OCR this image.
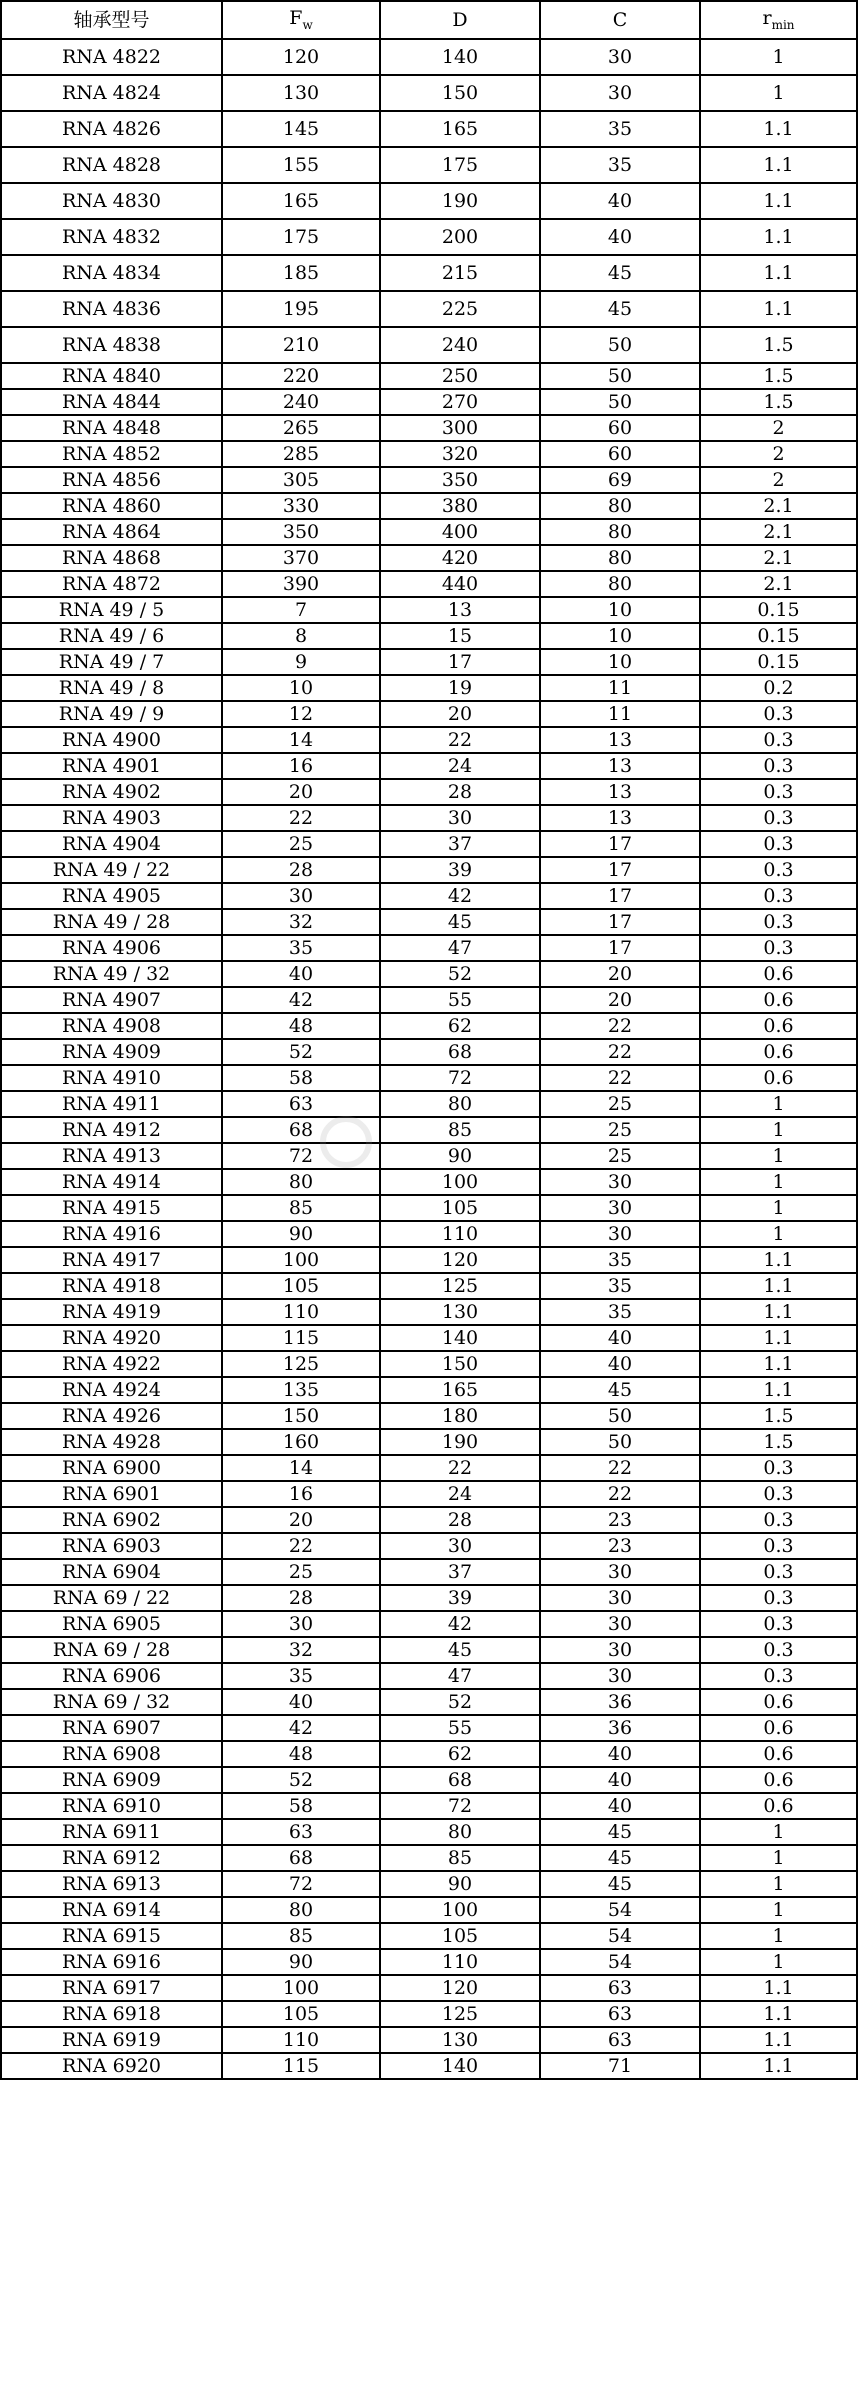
轴承型号	$F_w$	D	C	$r_{min}$
RNA 4822	120	140	30	1
RNA 4824	130	150	30	1
RNA 4826	145	165	35	1.1
RNA 4828	155	175	35	1.1
RNA 4830	165	190	40	1.1
RNA 4832	175	200	40	1.1
RNA 4834	185	215	45	1.1
RNA 4836	195	225	45	1.1
RNA 4838	210	240	50	1.5
RNA 4840	220	250	50	1.5
RNA 4844	240	270	50	1.5
RNA 4848	265	300	60	2
RNA 4852	285	320	60	2
RNA 4856	305	350	69	2
RNA 4860	330	380	80	2.1
RNA 4864	350	400	80	2.1
RNA 4868	370	420	80	2.1
RNA 4872	390	440	80	2.1
RNA 49 / 5	7	13	10	0.15
RNA 49 / 6	8	15	10	0.15
RNA 49 / 7	9	17	10	0.15
RNA 49 / 8	10	19	11	0.2
RNA 49 / 9	12	20	11	0.3
RNA 4900	14	22	13	0.3
RNA 4901	16	24	13	0.3
RNA 4902	20	28	13	0.3
RNA 4903	22	30	13	0.3
RNA 4904	25	37	17	0.3
RNA 49 / 22	28	39	17	0.3
RNA 4905	30	42	17	0.3
RNA 49 / 28	32	45	17	0.3
RNA 4906	35	47	17	0.3
RNA 49 / 32	40	52	20	0.6
RNA 4907	42	55	20	0.6
RNA 4908	48	62	22	0.6
RNA 4909	52	68	22	0.6
RNA 4910	58	72	22	0.6
RNA 4911	63	80	25	1
RNA 4912	68	85	25	1
RNA 4913	72	90	25	1
RNA 4914	80	100	30	1
RNA 4915	85	105	30	1
RNA 4916	90	110	30	1
RNA 4917	100	120	35	1.1
RNA 4918	105	125	35	1.1
RNA 4919	110	130	35	1.1
RNA 4920	115	140	40	1.1
RNA 4922	125	150	40	1.1
RNA 4924	135	165	45	1.1
RNA 4926	150	180	50	1.5
RNA 4928	160	190	50	1.5
RNA 6900	14	22	22	0.3
RNA 6901	16	24	22	0.3
RNA 6902	20	28	23	0.3
RNA 6903	22	30	23	0.3
RNA 6904	25	37	30	0.3
RNA 69 / 22	28	39	30	0.3
RNA 6905	30	42	30	0.3
RNA 69 / 28	32	45	30	0.3
RNA 6906	35	47	30	0.3
RNA 69 / 32	40	52	36	0.6
RNA 6907	42	55	36	0.6
RNA 6908	48	62	40	0.6
RNA 6909	52	68	40	0.6
RNA 6910	58	72	40	0.6
RNA 6911	63	80	45	1
RNA 6912	68	85	45	1
RNA 6913	72	90	45	1
RNA 6914	80	100	54	1
RNA 6915	85	105	54	1
RNA 6916	90	110	54	1
RNA 6917	100	120	63	1.1
RNA 6918	105	125	63	1.1
RNA 6919	110	130	63	1.1
RNA 6920	115	140	71	1.1
